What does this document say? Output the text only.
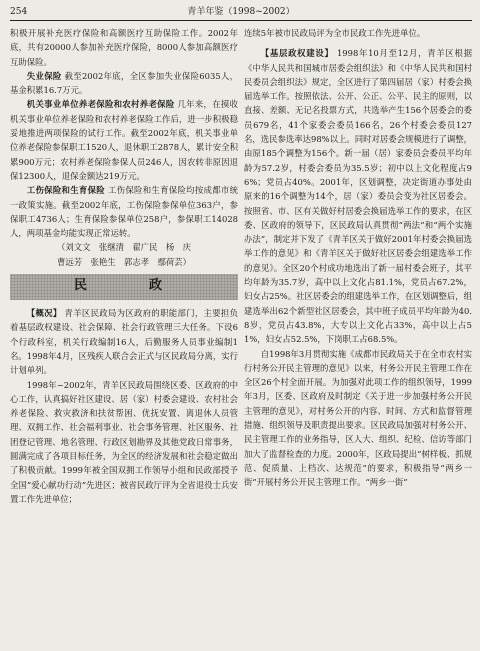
254	青羊年鉴（1998~2002）

积极开展补充医疗保险和高额医疗互助保险工作。2002年底，共有20000人参加补充医疗保险，8000人参加高额医疗互助保险。

失业保险 截至2002年底，全区参加失业保险6035人，基金积累16.7万元。

机关事业单位养老保险和农村养老保险 几年来，在摸收机关事业单位养老保险和农村养老保险工作后，进一步积极稳妥地推进两项保险的试行工作。截至2002年底，机关事业单位养老保险参保职工1520人，退休职工2878人，累计安全积累900万元；农村养老保险参保人员246人，因农转非原因退保12300人，退保金额达219万元。

工伤保险和生育保险 工伤保险和生育保险均按成都市统一政策实施。截至2002年底，工伤保险参保单位363户，参保职工4736人；生育保险参保单位258户，参保职工14028人，两项基金均能实现正常运转。

（刘文文　张继清　翟广民　杨　庆

曹远芳　张艳生　郭志孝　鄢荷芸）

民　　政

【概况】 青羊区民政局为区政府的职能部门，主要担负着基层政权建设、社会保障、社会行政管理三大任务。下设6个行政科室，机关行政编制16人，后勤服务人员事业编制1名。1998年4月，区残疾人联合会正式与区民政局分离，实行计划单列。

1998年~2002年，青羊区民政局围绕区委、区政府的中心工作，认真搞好社区建设、居（家）村委会建设、农村社会养老保险、救灾救济和扶贫帮困、优抚安置、离退休人员管理、双拥工作、社会福利事业、社会事务管理、社区服务、社团登记管理、地名管理、行政区划勘界及其他党政日常事务，圆满完成了各项目标任务，为全区的经济发展和社会稳定做出了积极贡献。1999年被全国双拥工作领导小组和民政部授予全国“爱心献功行动”先进区；被省民政厅评为全省退役士兵安置工作先进单位；

连续5年被市民政局评为全市民政工作先进单位。

【基层政权建设】 1998年10月至12月，青羊区根据《中华人民共和国城市居委会组织法》和《中华人民共和国村民委员会组织法》规定，全区进行了第四届居（家）村委会换届选举工作。按照依法、公开、公正、公平、民主的原则，以直接、差额、无记名投票方式，共选举产生156个居委会的委员679名，41个家委会委员166名，26个村委会委员127名，选民参选率达98%以上。同时对居委会规模进行了调整，由原185个调整为156个。新一届（居）家委员会委员平均年龄为57.2岁，村委会委员为35.5岁；初中以上文化程度占96%；党员占40%。2001年，区划调整，决定街道办事处由原来的16个调整为14个，居（家）委员会变为社区居委会。按照省、市、区有关做好村居委会换届选举工作的要求，在区委、区政府的领导下，区民政局认真贯彻“两法”和“两个实施办法”，制定并下发了《青羊区关于做好2001年村委会换届选举工作的意见》和《青羊区关于做好社区居委会组建选举工作的意见》。全区20个村成功地选出了新一届村委会班子，其平均年龄为35.7岁，高中以上文化占81.1%，党员占67.2%，妇女占25%。社区居委会的组建选举工作，在区划调整后，组建选举出62个新型社区居委会，其中班子成员平均年龄为40.8岁，党员占43.8%，大专以上文化占33%，高中以上占51%，妇女占52.5%，下岗职工占68.5%。

自1998年3月贯彻实施《成都市民政局关于在全市农村实行村务公开民主管理的意见》以来，村务公开民主管理工作在全区26个村全面开展。为加强对此项工作的组织领导，1999年3月，区委、区政府及时制定《关于进一步加强村务公开民主管理的意见》，对村务公开的内容、时间、方式和监督管理措施、组织领导及职责提出要求。区民政局加强对村务公开、民主管理工作的业务指导，区人大、组织、纪检、信访等部门加大了监督检查的力度。2000年，区政局提出“树样板、抓规范、促质量、上档次、达规范”的要求，积极指导“两乡一街”开展村务公开民主管理工作。“两乡一街”
